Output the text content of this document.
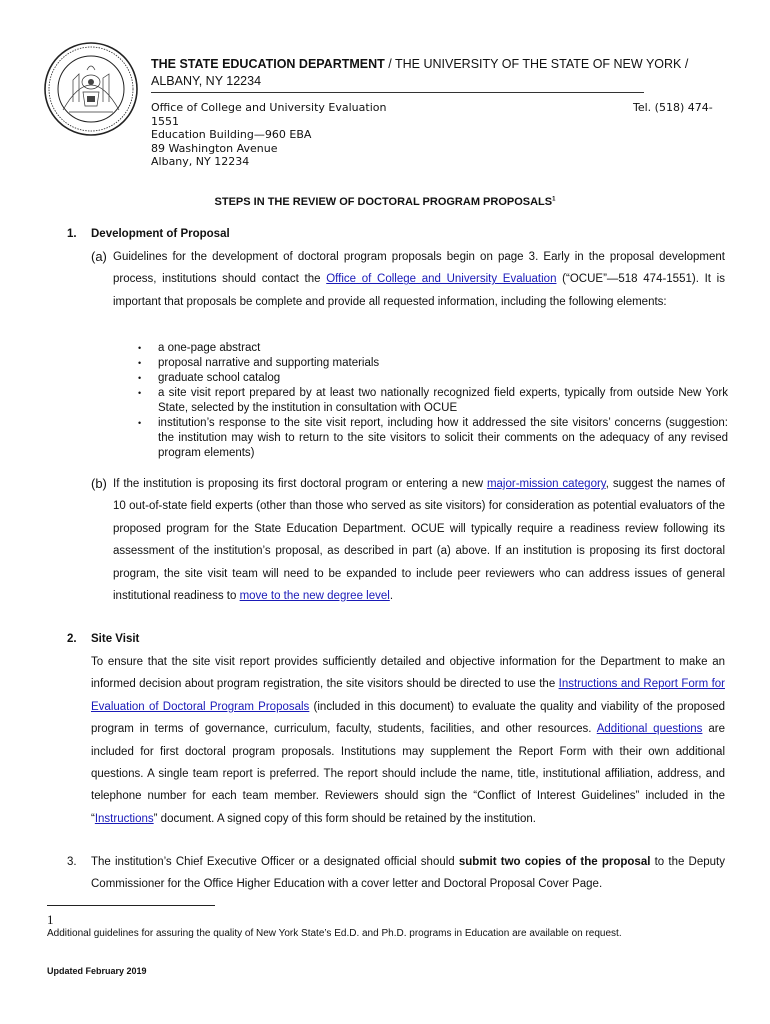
THE STATE EDUCATION DEPARTMENT / THE UNIVERSITY OF THE STATE OF NEW YORK / ALBANY, NY 12234
Office of College and University Evaluation
1551
Education Building—960 EBA
89 Washington Avenue
Albany, NY 12234
Tel. (518) 474-
STEPS IN THE REVIEW OF DOCTORAL PROGRAM PROPOSALS$^1$
1. Development of Proposal
(a) Guidelines for the development of doctoral program proposals begin on page 3. Early in the proposal development process, institutions should contact the Office of College and University Evaluation (“OCUE”—518 474-1551). It is important that proposals be complete and provide all requested information, including the following elements:
• a one-page abstract
• proposal narrative and supporting materials
• graduate school catalog
• a site visit report prepared by at least two nationally recognized field experts, typically from outside New York State, selected by the institution in consultation with OCUE
• institution’s response to the site visit report, including how it addressed the site visitors’ concerns (suggestion: the institution may wish to return to the site visitors to solicit their comments on the adequacy of any revised program elements)
(b) If the institution is proposing its first doctoral program or entering a new major-mission category, suggest the names of 10 out-of-state field experts (other than those who served as site visitors) for consideration as potential evaluators of the proposed program for the State Education Department. OCUE will typically require a readiness review following its assessment of the institution’s proposal, as described in part (a) above. If an institution is proposing its first doctoral program, the site visit team will need to be expanded to include peer reviewers who can address issues of general institutional readiness to move to the new degree level.
2. Site Visit
To ensure that the site visit report provides sufficiently detailed and objective information for the Department to make an informed decision about program registration, the site visitors should be directed to use the Instructions and Report Form for Evaluation of Doctoral Program Proposals (included in this document) to evaluate the quality and viability of the proposed program in terms of governance, curriculum, faculty, students, facilities, and other resources. Additional questions are included for first doctoral program proposals. Institutions may supplement the Report Form with their own additional questions. A single team report is preferred. The report should include the name, title, institutional affiliation, address, and telephone number for each team member. Reviewers should sign the “Conflict of Interest Guidelines” included in the “Instructions” document. A signed copy of this form should be retained by the institution.
3. The institution’s Chief Executive Officer or a designated official should submit two copies of the proposal to the Deputy Commissioner for the Office Higher Education with a cover letter and Doctoral Proposal Cover Page.
1
Additional guidelines for assuring the quality of New York State’s Ed.D. and Ph.D. programs in Education are available on request.
Updated February 2019
